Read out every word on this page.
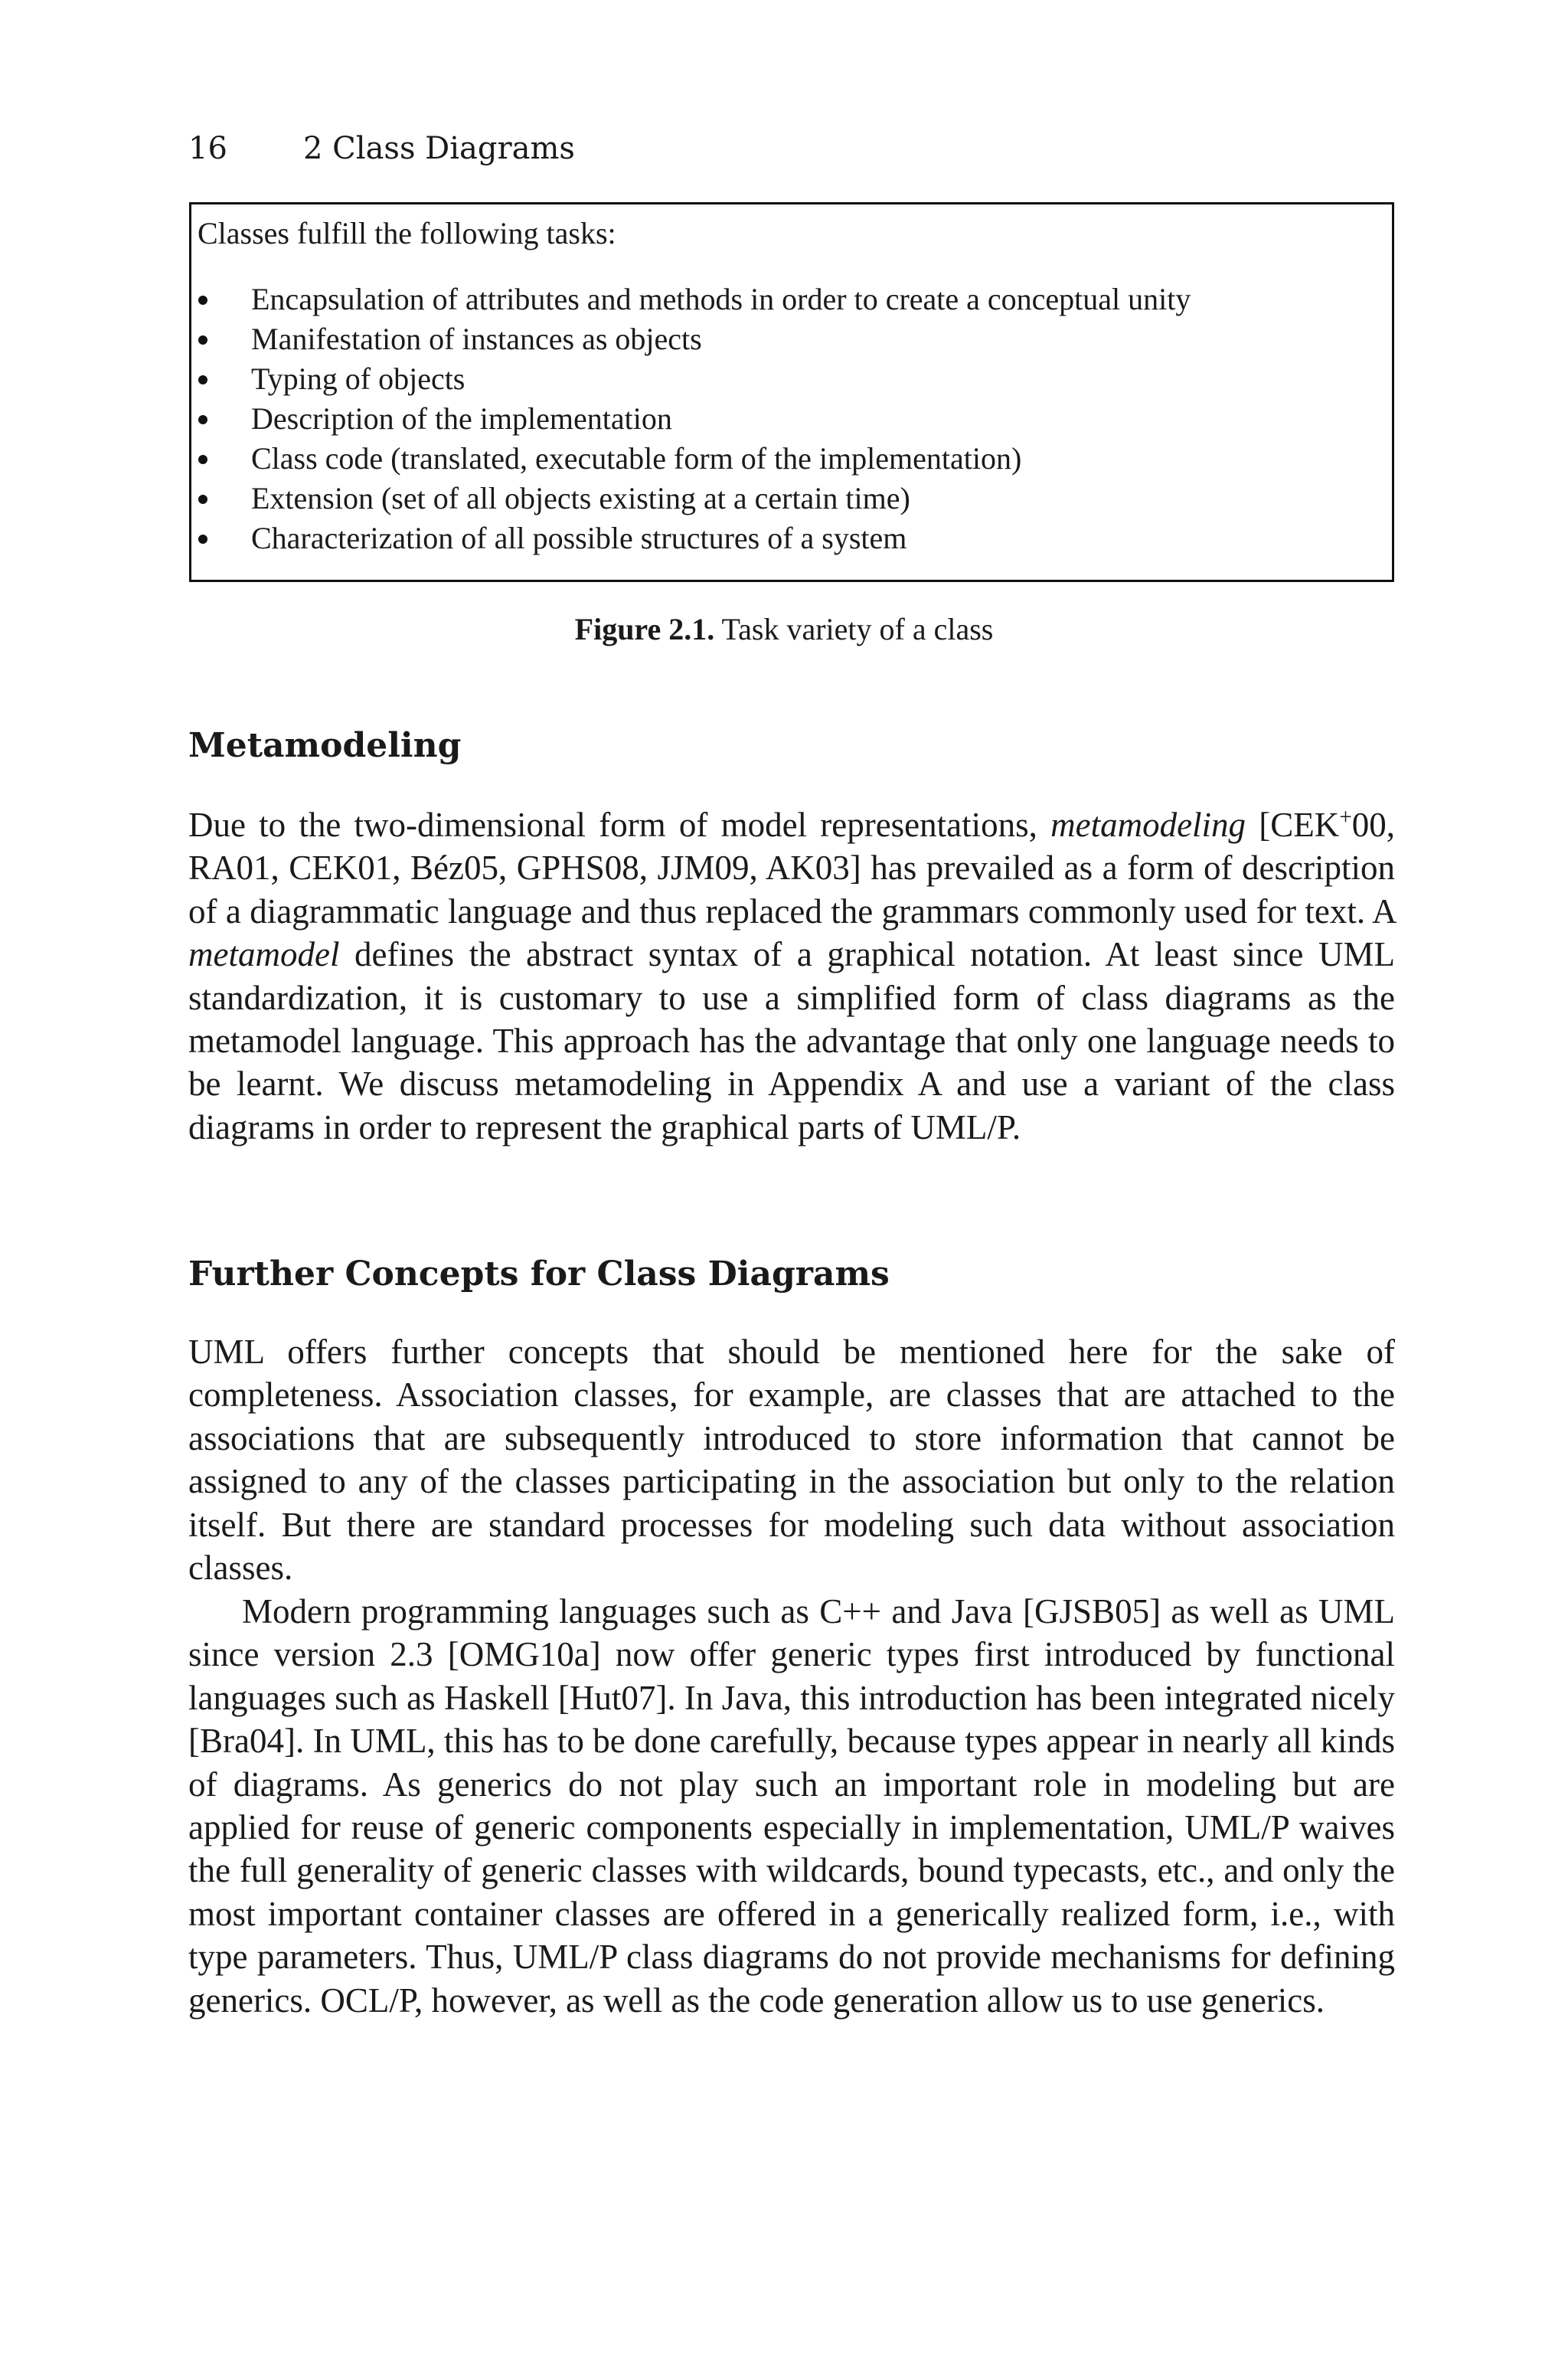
16 2 Class Diagrams
Classes fulfill the following tasks:
Encapsulation of attributes and methods in order to create a conceptual unity
Manifestation of instances as objects
Typing of objects
Description of the implementation
Class code (translated, executable form of the implementation)
Extension (set of all objects existing at a certain time)
Characterization of all possible structures of a system
Figure 2.1. Task variety of a class
Metamodeling

Due to the two-dimensional form of model representations, metamodeling [CEK+00, RA01, CEK01, Béz05, GPHS08, JJM09, AK03] has prevailed as a form of description of a diagrammatic language and thus replaced the grammars commonly used for text. A metamodel defines the abstract syntax of a graphical notation. At least since UML standardization, it is customary to use a simplified form of class diagrams as the metamodel language. This approach has the advantage that only one language needs to be learnt. We discuss metamodeling in Appendix A and use a variant of the class diagrams in order to represent the graphical parts of UML/P.

Further Concepts for Class Diagrams

UML offers further concepts that should be mentioned here for the sake of completeness. Association classes, for example, are classes that are attached to the associations that are subsequently introduced to store information that cannot be assigned to any of the classes participating in the association but only to the relation itself. But there are standard processes for modeling such data without association classes.

Modern programming languages such as C++ and Java [GJSB05] as well as UML since version 2.3 [OMG10a] now offer generic types first introduced by functional languages such as Haskell [Hut07]. In Java, this introduction has been integrated nicely [Bra04]. In UML, this has to be done carefully, because types appear in nearly all kinds of diagrams. As generics do not play such an important role in modeling but are applied for reuse of generic components especially in implementation, UML/P waives the full generality of generic classes with wildcards, bound typecasts, etc., and only the most important container classes are offered in a generically realized form, i.e., with type parameters. Thus, UML/P class diagrams do not provide mechanisms for defining generics. OCL/P, however, as well as the code generation allow us to use generics.
